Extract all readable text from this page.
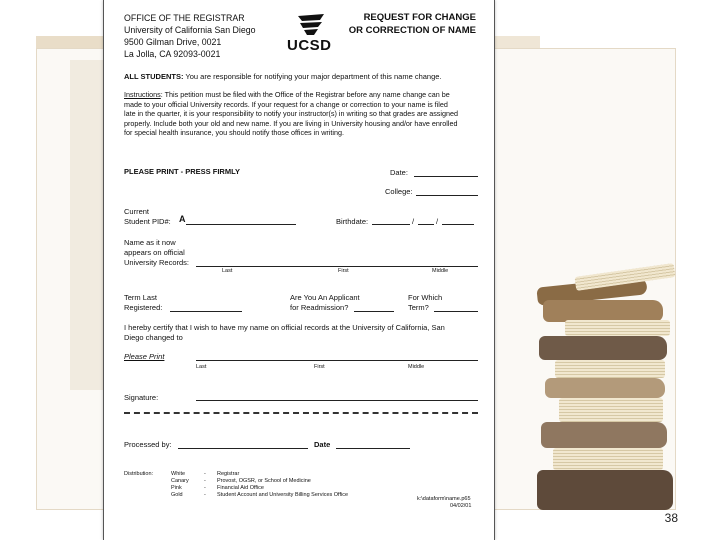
38
OFFICE OF THE REGISTRAR
University of California San Diego
9500 Gilman Drive, 0021
La Jolla, CA 92093-0021	UCSD
REQUEST FOR CHANGE
OR CORRECTION OF NAME
ALL STUDENTS: You are responsible for notifying your major department of this name change.
Instructions: This petition must be filed with the Office of the Registrar before any name change can be
made to your official University records. If your request for a change or correction to your name is filed
late in the quarter, it is your responsibility to notify your instructor(s) in writing so that grades are assigned
properly. Include both your old and new name. If you are living in University housing and/or have enrolled
for special health insurance, you should notify those offices in writing.
PLEASE PRINT - PRESS FIRMLY	Date:
College:
Current
Student PID#: A	Birthdate:	/	/
Name as it now
appears on official
University Records:
Last	First	Middle
Term Last
Registered:
Are You An Applicant
for Readmission?
For Which
Term?
I hereby certify that I wish to have my name on official records at the University of California, San
Diego changed to
Please Print
Last	First	Middle
Signature:
Processed by:	Date
Distribution:	White	- Registrar
Canary	- Provost, OGSR, or School of Medicine
Pink	- Financial Aid Office
Gold	- Student Account and University Billing Services Office
k:\dataform\name.p65
04/02/01
